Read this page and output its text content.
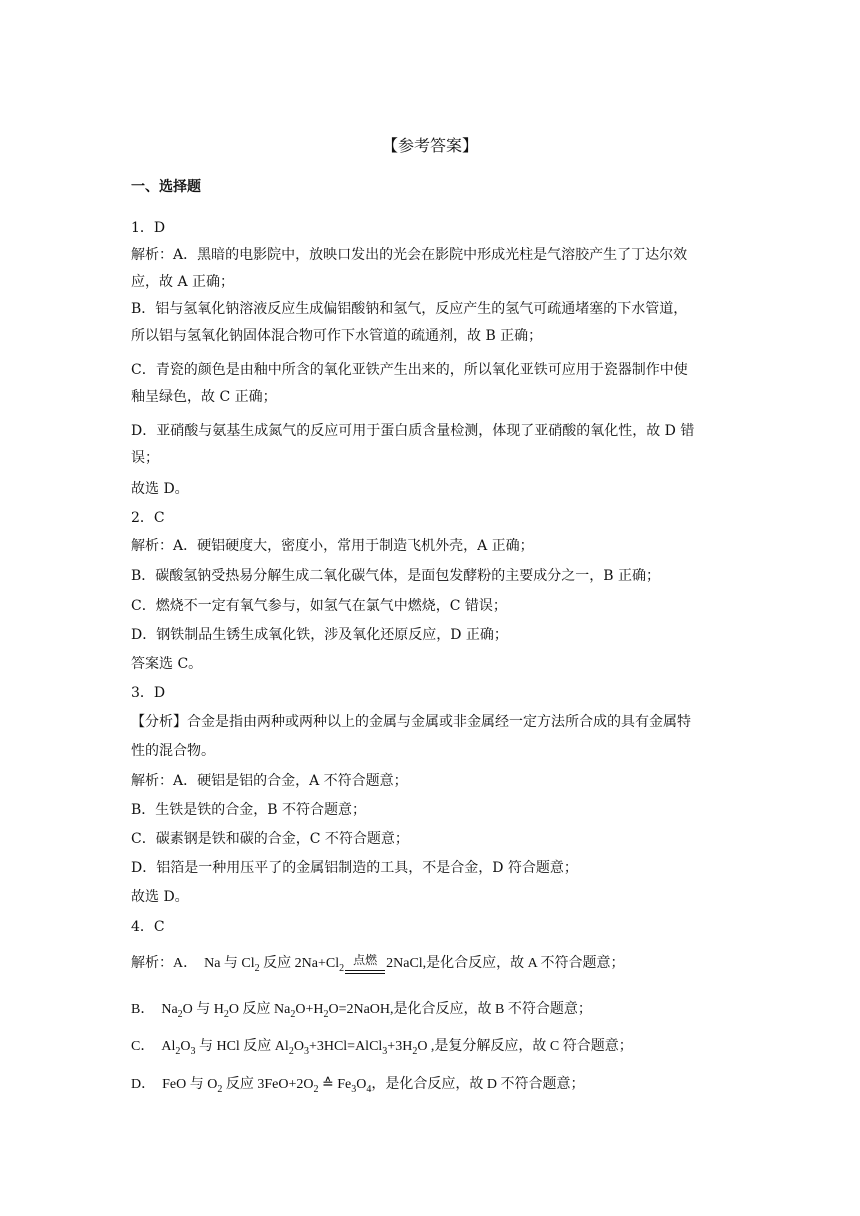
【参考答案】
一、选择题
1．D
解析：A．黑暗的电影院中，放映口发出的光会在影院中形成光柱是气溶胶产生了丁达尔效
应，故 A 正确；
B．铝与氢氧化钠溶液反应生成偏铝酸钠和氢气，反应产生的氢气可疏通堵塞的下水管道，
所以铝与氢氧化钠固体混合物可作下水管道的疏通剂，故 B 正确；
C．青瓷的颜色是由釉中所含的氧化亚铁产生出来的，所以氧化亚铁可应用于瓷器制作中使
釉呈绿色，故 C 正确；
D．亚硝酸与氨基生成氮气的反应可用于蛋白质含量检测，体现了亚硝酸的氧化性，故 D 错
误；
故选 D。
2．C
解析：A．硬铝硬度大，密度小，常用于制造飞机外壳，A 正确；
B．碳酸氢钠受热易分解生成二氧化碳气体，是面包发酵粉的主要成分之一，B 正确；
C．燃烧不一定有氧气参与，如氢气在氯气中燃烧，C 错误；
D．钢铁制品生锈生成氧化铁，涉及氧化还原反应，D 正确；
答案选 C。
3．D
【分析】合金是指由两种或两种以上的金属与金属或非金属经一定方法所合成的具有金属特
性的混合物。
解析：A．硬铝是铝的合金，A 不符合题意；
B．生铁是铁的合金，B 不符合题意；
C．碳素钢是铁和碳的合金，C 不符合题意；
D．铝箔是一种用压平了的金属铝制造的工具，不是合金，D 符合题意；
故选 D。
4．C
解析：A．　Na 与 $Cl_2$ 反应 $2Na+Cl_2$
点燃 2NaCl,是化合反应，故 A 不符合题意；
B．　$Na_2O$ 与 $H_2O$ 反应 $Na_2O+H_2O=2NaOH$,是化合反应，故 B 不符合题意；
C．　$Al_2O_3$ 与 HCl 反应 $Al_2O_3+3HCl=AlCl_3+3H_2O$ ,是复分解反应，故 C 符合题意；
D．　FeO 与 $O_2$ 反应 $3FeO+2O_2$ ≙ $Fe_3O_4$，是化合反应，故 D 不符合题意；
